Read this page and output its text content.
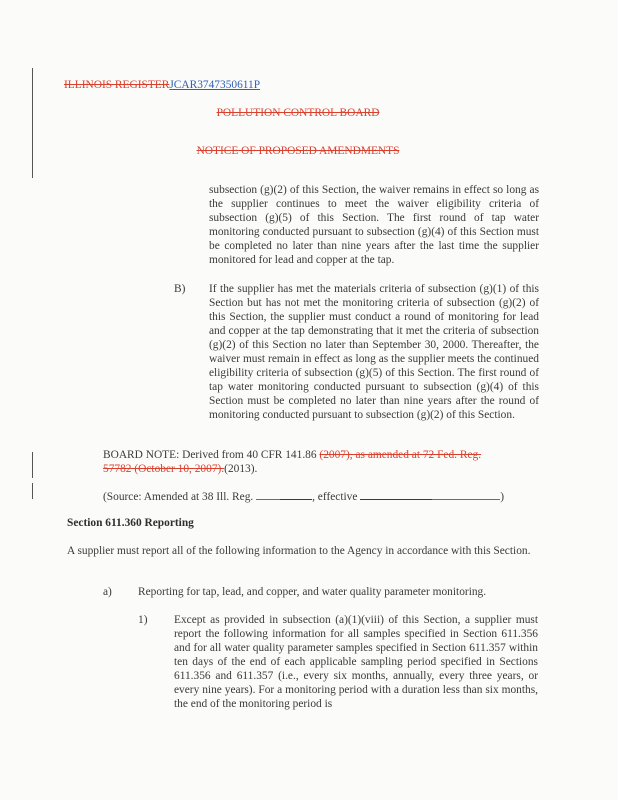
ILLINOIS REGISTERJCAR3747350611P
POLLUTION CONTROL BOARD
NOTICE OF PROPOSED AMENDMENTS

subsection (g)(2) of this Section, the waiver remains in effect so long as the supplier continues to meet the waiver eligibility criteria of subsection (g)(5) of this Section. The first round of tap water monitoring conducted pursuant to subsection (g)(4) of this Section must be completed no later than nine years after the last time the supplier monitored for lead and copper at the tap.

B) If the supplier has met the materials criteria of subsection (g)(1) of this Section but has not met the monitoring criteria of subsection (g)(2) of this Section, the supplier must conduct a round of monitoring for lead and copper at the tap demonstrating that it met the criteria of subsection (g)(2) of this Section no later than September 30, 2000. Thereafter, the waiver must remain in effect as long as the supplier meets the continued eligibility criteria of subsection (g)(5) of this Section. The first round of tap water monitoring conducted pursuant to subsection (g)(4) of this Section must be completed no later than nine years after the round of monitoring conducted pursuant to subsection (g)(2) of this Section.

BOARD NOTE: Derived from 40 CFR 141.86 (2007), as amended at 72 Fed. Reg.
57782 (October 10, 2007).(2013).
(Source: Amended at 38 Ill. Reg.	, effective	)
Section 611.360 Reporting
A supplier must report all of the following information to the Agency in accordance with this Section.
a) Reporting for tap, lead, and copper, and water quality parameter monitoring.
1) Except as provided in subsection (a)(1)(viii) of this Section, a supplier must report the following information for all samples specified in Section 611.356 and for all water quality parameter samples specified in Section 611.357 within ten days of the end of each applicable sampling period specified in Sections 611.356 and 611.357 (i.e., every six months, annually, every three years, or every nine years). For a monitoring period with a duration less than six months, the end of the monitoring period is
